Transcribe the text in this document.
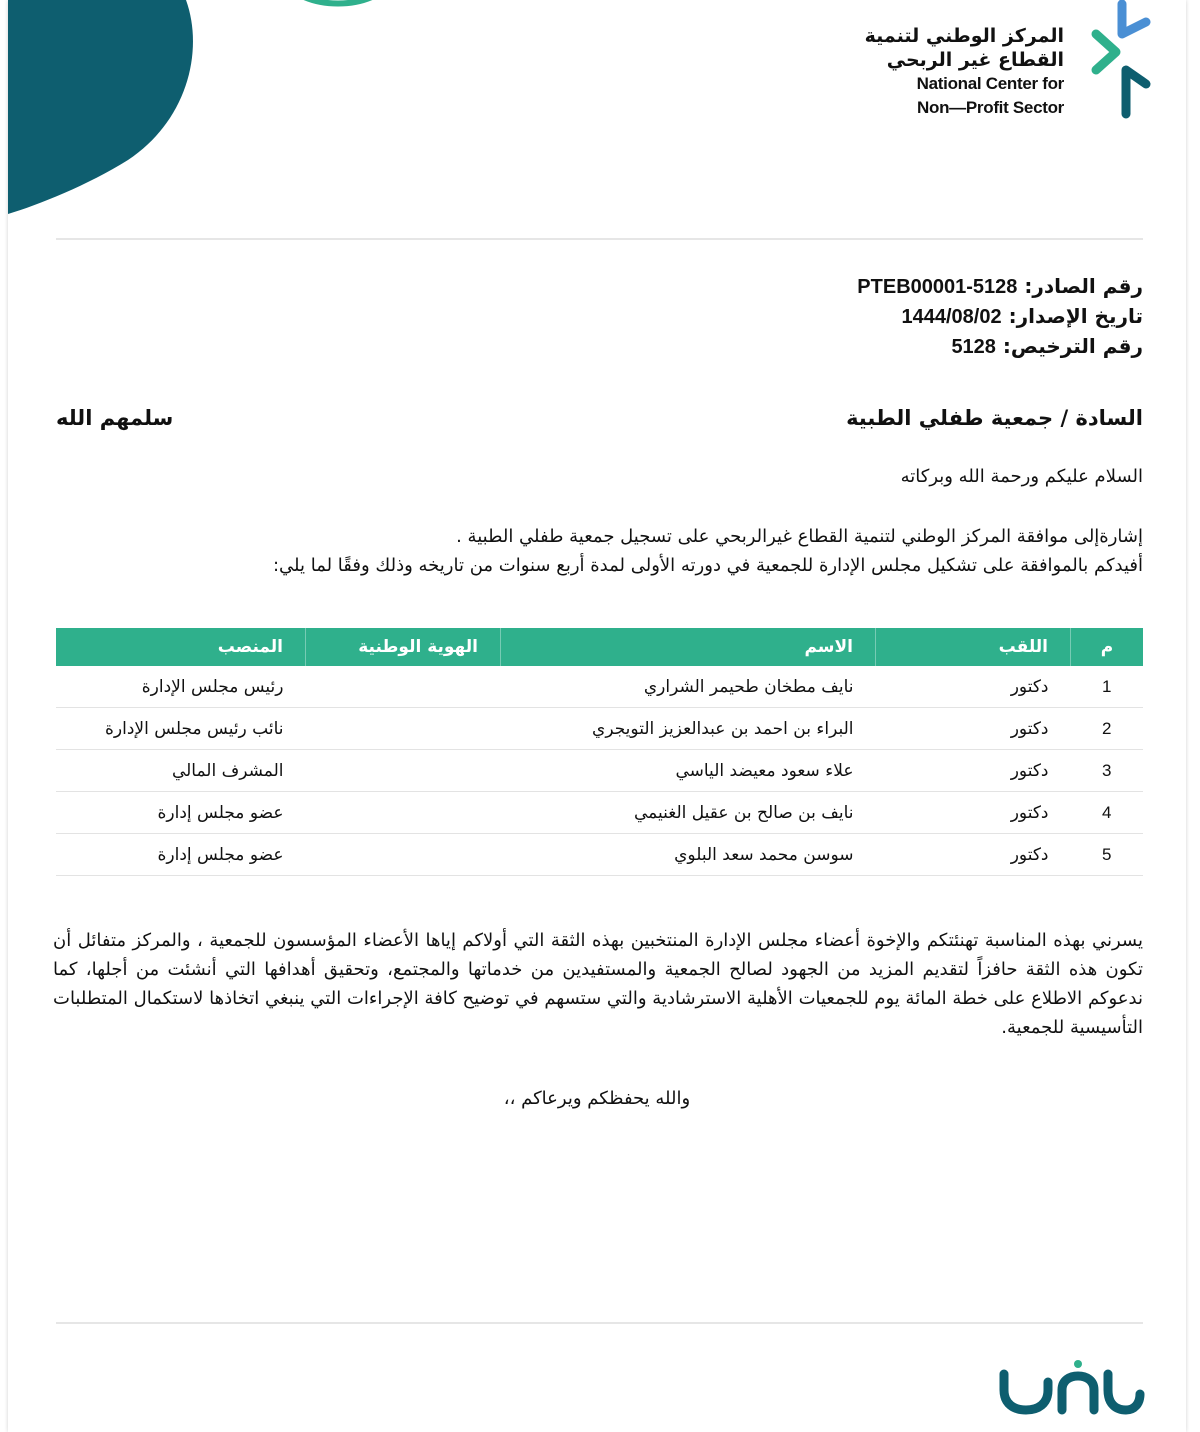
المركز الوطني لتنمية
القطاع غير الربحي
National Center for
Non—Profit Sector
رقم الصادر: PTEB00001-5128
تاريخ الإصدار: 1444/08/02
رقم الترخيص: 5128
السادة / جمعية طفلي الطبية
سلمهم الله
السلام عليكم ورحمة الله وبركاته
إشارةإلى موافقة المركز الوطني لتنمية القطاع غيرالربحي على تسجيل جمعية طفلي الطبية .
أفيدكم بالموافقة على تشكيل مجلس الإدارة للجمعية في دورته الأولى لمدة أربع سنوات من تاريخه وذلك وفقًا لما يلي:
م	اللقب	الاسم	الهوية الوطنية	المنصب
1	دكتور	نايف مطخان طحيمر الشراري		رئيس مجلس الإدارة
2	دكتور	البراء بن احمد بن عبدالعزيز التويجري		نائب رئيس مجلس الإدارة
3	دكتور	علاء سعود معيضد الياسي		المشرف المالي
4	دكتور	نايف بن صالح بن عقيل الغنيمي		عضو مجلس إدارة
5	دكتور	سوسن محمد سعد البلوي		عضو مجلس إدارة
يسرني بهذه المناسبة تهنئتكم والإخوة أعضاء مجلس الإدارة المنتخبين بهذه الثقة التي أولاكم إياها الأعضاء المؤسسون للجمعية ، والمركز متفائل أن تكون هذه الثقة حافزاً لتقديم المزيد من الجهود لصالح الجمعية والمستفيدين من خدماتها والمجتمع، وتحقيق أهدافها التي أنشئت من أجلها، كما ندعوكم الاطلاع على خطة المائة يوم للجمعيات الأهلية الاسترشادية والتي ستسهم في توضيح كافة الإجراءات التي ينبغي اتخاذها لاستكمال المتطلبات التأسيسية للجمعية.
والله يحفظكم ويرعاكم ،،
